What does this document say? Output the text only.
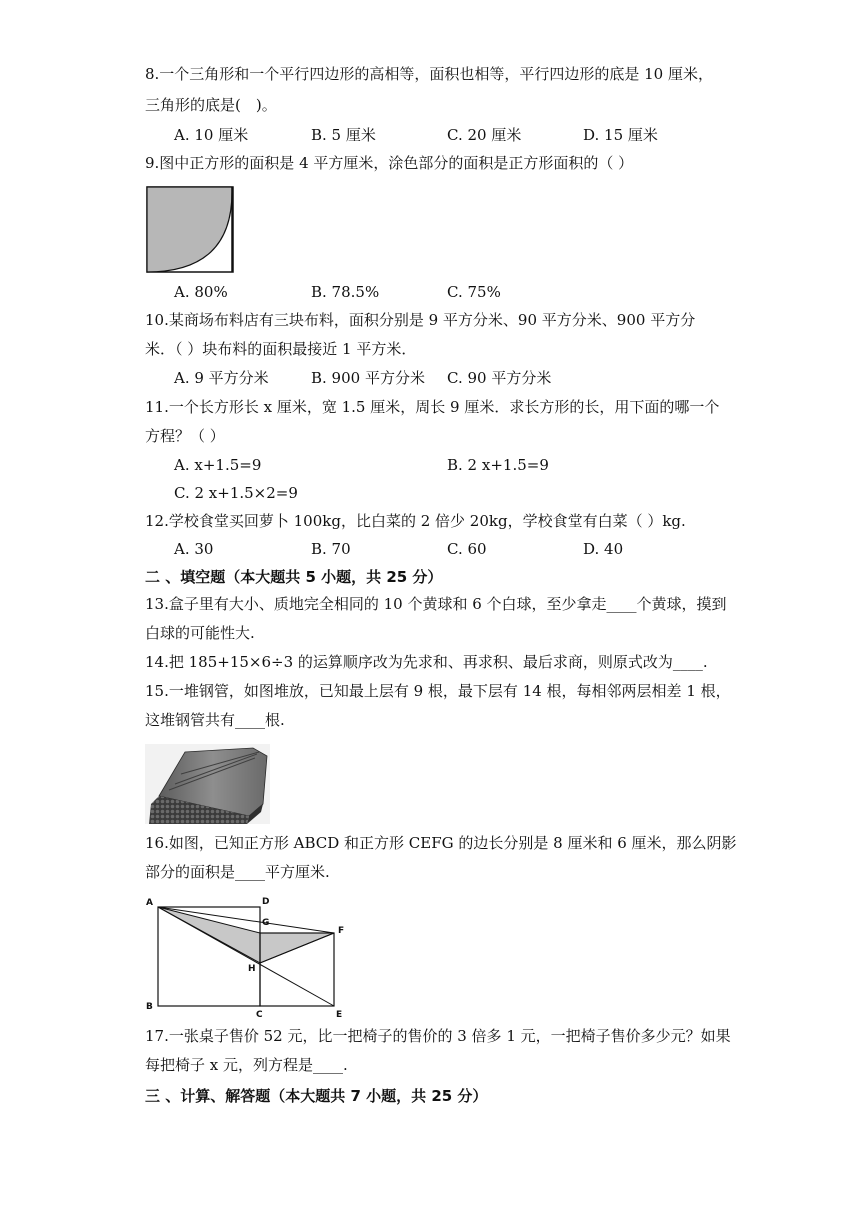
8.一个三角形和一个平行四边形的高相等，面积也相等，平行四边形的底是 10 厘米，
三角形的底是(　)。
A. 10 厘米	B. 5 厘米	C. 20 厘米	D. 15 厘米
9.图中正方形的面积是 4 平方厘米，涂色部分的面积是正方形面积的（ ）
A. 80%	B. 78.5%	C. 75%
10.某商场布料店有三块布料，面积分别是 9 平方分米、90 平方分米、900 平方分
米．（ ）块布料的面积最接近 1 平方米．
A. 9 平方分米	B. 900 平方分米 C. 90 平方分米
11.一个长方形长 x 厘米，宽 1.5 厘米，周长 9 厘米．求长方形的长，用下面的哪一个
方程？（ ）
A. x+1.5=9	B. 2 x+1.5=9
C. 2 x+1.5×2=9
12.学校食堂买回萝卜 100kg，比白菜的 2 倍少 20kg，学校食堂有白菜（ ）kg.
A. 30	B. 70	C. 60	D. 40
二 、填空题（本大题共 5 小题，共 25 分）
13.盒子里有大小、质地完全相同的 10 个黄球和 6 个白球，至少拿走____个黄球，摸到
白球的可能性大.
14.把 185+15×6÷3 的运算顺序改为先求和、再求积、最后求商，则原式改为____.
15.一堆钢管，如图堆放，已知最上层有 9 根，最下层有 14 根，每相邻两层相差 1 根，
这堆钢管共有____根.
16.如图，已知正方形 ABCD 和正方形 CEFG 的边长分别是 8 厘米和 6 厘米，那么阴影
部分的面积是____平方厘米.
A
B
C
D
E
F
G
H
17.一张桌子售价 52 元，比一把椅子的售价的 3 倍多 1 元，一把椅子售价多少元？如果
每把椅子 x 元，列方程是____.
三 、计算、解答题（本大题共 7 小题，共 25 分）
